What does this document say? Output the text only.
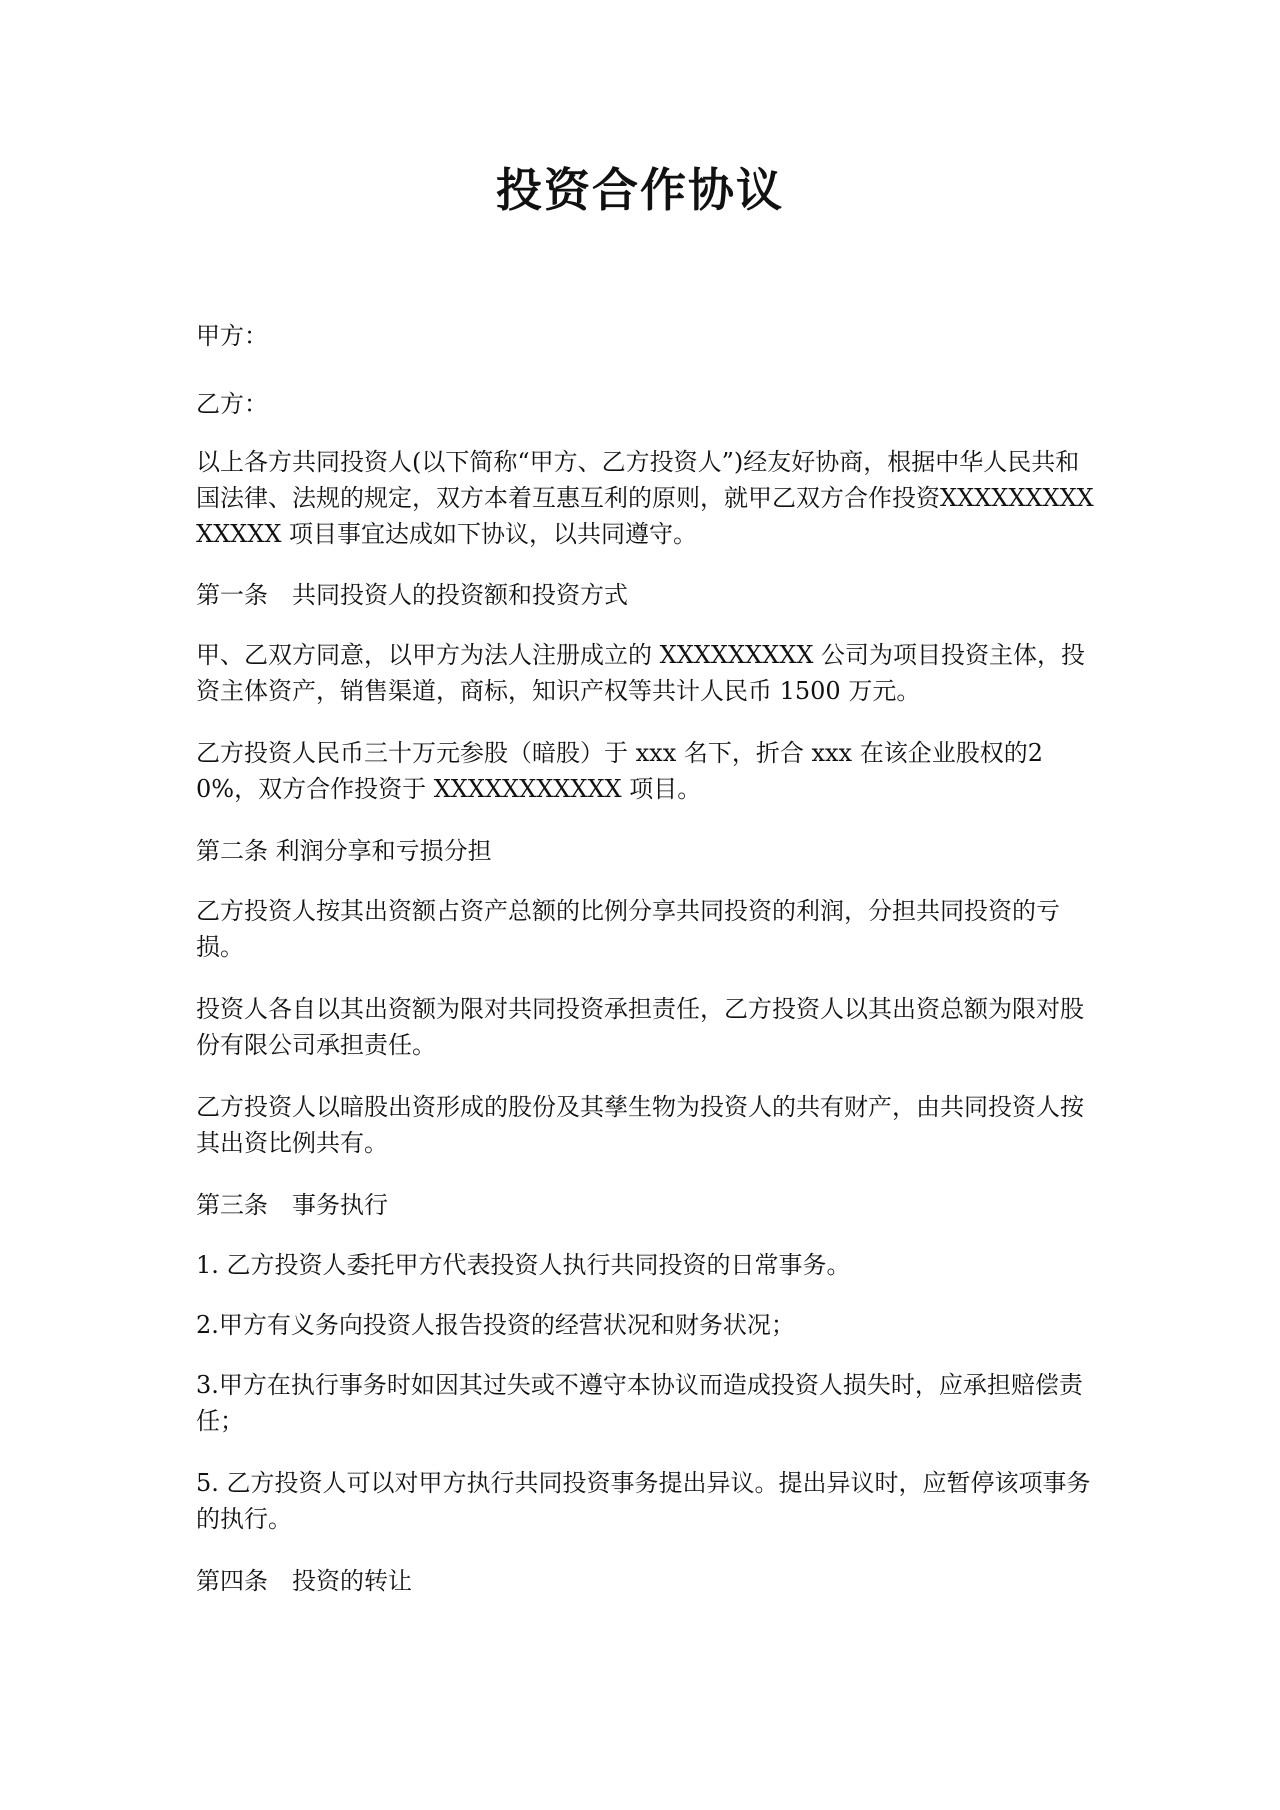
投资合作协议

甲方：

乙方：

以上各方共同投资人(以下简称“甲方、乙方投资人”)经友好协商，根据中华人民共和国法律、法规的规定，双方本着互惠互利的原则，就甲乙双方合作投资XXXXXXXXXXXXXX 项目事宜达成如下协议，以共同遵守。

第一条　共同投资人的投资额和投资方式

甲、乙双方同意，以甲方为法人注册成立的 XXXXXXXXX 公司为项目投资主体，投资主体资产，销售渠道，商标，知识产权等共计人民币 1500 万元。

乙方投资人民币三十万元参股（暗股）于 xxx 名下，折合 xxx 在该企业股权的20%，双方合作投资于 XXXXXXXXXXX 项目。

第二条 利润分享和亏损分担

乙方投资人按其出资额占资产总额的比例分享共同投资的利润，分担共同投资的亏损。

投资人各自以其出资额为限对共同投资承担责任，乙方投资人以其出资总额为限对股份有限公司承担责任。

乙方投资人以暗股出资形成的股份及其孳生物为投资人的共有财产，由共同投资人按其出资比例共有。

第三条　事务执行

1. 乙方投资人委托甲方代表投资人执行共同投资的日常事务。

2.甲方有义务向投资人报告投资的经营状况和财务状况；

3.甲方在执行事务时如因其过失或不遵守本协议而造成投资人损失时，应承担赔偿责任；

5. 乙方投资人可以对甲方执行共同投资事务提出异议。提出异议时，应暂停该项事务的执行。

第四条　投资的转让
